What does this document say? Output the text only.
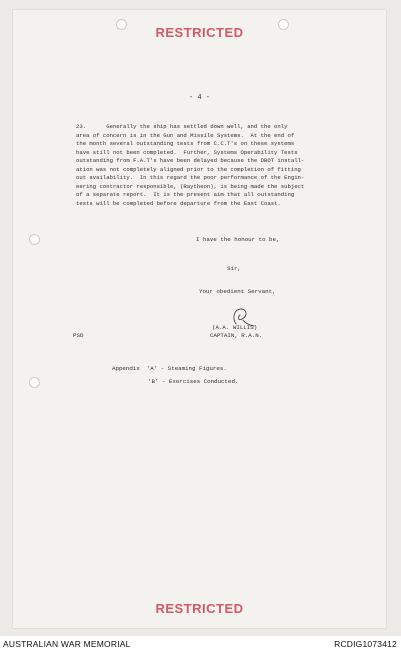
RESTRICTED
- 4 -
23.      Generally the ship has settled down well, and the only
area of concern is in the Gun and Missile Systems.  At the end of
the month several outstanding tests from C.C.T's on these systems
have still not been completed.  Further, Systems Operability Tests
outstanding from F.A.T's have been delayed because the DBOT install-
ation was not completely aligned prior to the completion of fitting
out availability.  In this regard the poor performance of the Engin-
eering contractor responsible, (Raytheon), is being made the subject
of a separate report.  It is the present aim that all outstanding
tests will be completed before departure from the East Coast.
I have the honour to be,
Sir,
Your obedient Servant,
(A.A. WILLIS)
PSD	CAPTAIN, R.A.N.
Appendix  'A' - Steaming Figures.
'B' - Exercises Conducted.
RESTRICTED
AUSTRALIAN WAR MEMORIAL	RCDIG1073412
